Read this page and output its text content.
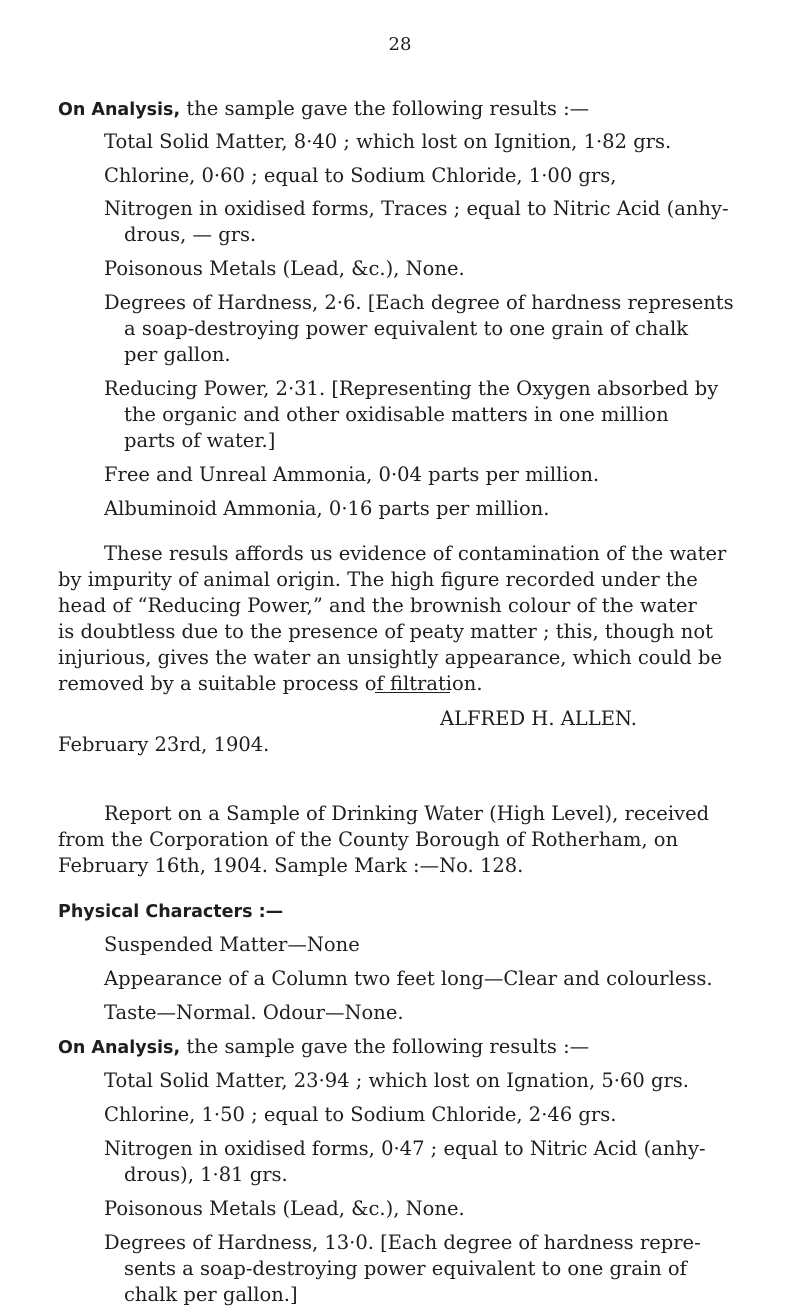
28
On Analysis, the sample gave the following results :—
Total Solid Matter, 8·40 ; which lost on Ignition, 1·82 grs.
Chlorine, 0·60 ; equal to Sodium Chloride, 1·00 grs,
Nitrogen in oxidised forms, Traces ; equal to Nitric Acid (anhy-
drous, — grs.
Poisonous Metals (Lead, &c.), None.
Degrees of Hardness, 2·6. [Each degree of hardness represents
a soap-destroying power equivalent to one grain of chalk
per gallon.
Reducing Power, 2·31. [Representing the Oxygen absorbed by
the organic and other oxidisable matters in one million
parts of water.]
Free and Unreal Ammonia, 0·04 parts per million.
Albuminoid Ammonia, 0·16 parts per million.
These resuls affords us evidence of contamination of the water
by impurity of animal origin. The high figure recorded under the
head of “Reducing Power,” and the brownish colour of the water
is doubtless due to the presence of peaty matter ; this, though not
injurious, gives the water an unsightly appearance, which could be
removed by a suitable process of filtration.
ALFRED H. ALLEN.
February 23rd, 1904.
Report on a Sample of Drinking Water (High Level), received
from the Corporation of the County Borough of Rotherham, on
February 16th, 1904. Sample Mark :—No. 128.
Physical Characters :—
Suspended Matter—None
Appearance of a Column two feet long—Clear and colourless.
Taste—Normal. Odour—None.
On Analysis, the sample gave the following results :—
Total Solid Matter, 23·94 ; which lost on Ignation, 5·60 grs.
Chlorine, 1·50 ; equal to Sodium Chloride, 2·46 grs.
Nitrogen in oxidised forms, 0·47 ; equal to Nitric Acid (anhy-
drous), 1·81 grs.
Poisonous Metals (Lead, &c.), None.
Degrees of Hardness, 13·0. [Each degree of hardness repre-
sents a soap-destroying power equivalent to one grain of
chalk per gallon.]
